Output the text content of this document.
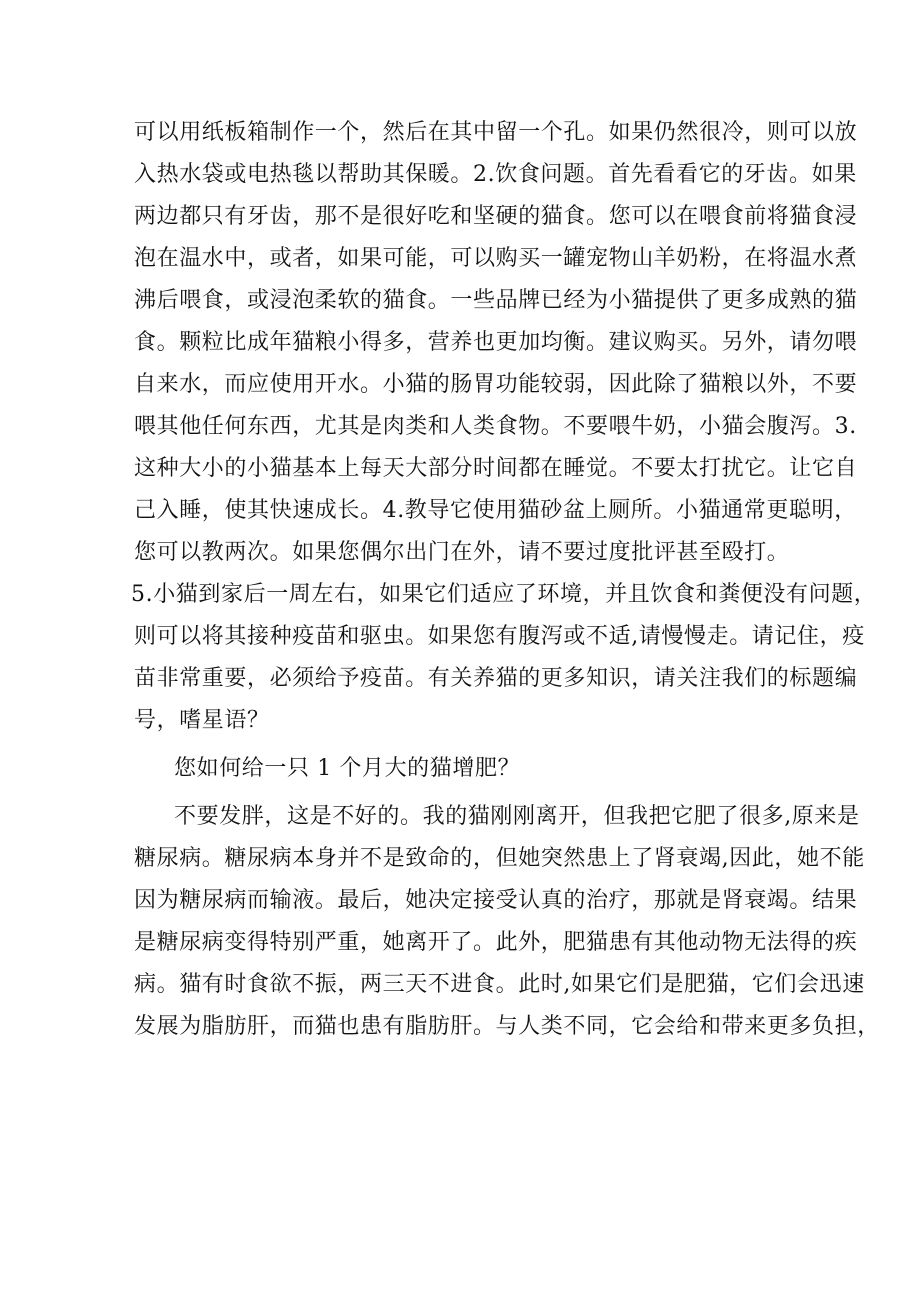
可以用纸板箱制作一个，然后在其中留一个孔。如果仍然很冷，则可以放
入热水袋或电热毯以帮助其保暖。2.饮食问题。首先看看它的牙齿。如果
两边都只有牙齿，那不是很好吃和坚硬的猫食。您可以在喂食前将猫食浸
泡在温水中，或者，如果可能，可以购买一罐宠物山羊奶粉，在将温水煮
沸后喂食，或浸泡柔软的猫食。一些品牌已经为小猫提供了更多成熟的猫
食。颗粒比成年猫粮小得多，营养也更加均衡。建议购买。另外，请勿喂
自来水，而应使用开水。小猫的肠胃功能较弱，因此除了猫粮以外，不要
喂其他任何东西，尤其是肉类和人类食物。不要喂牛奶，小猫会腹泻。3.
这种大小的小猫基本上每天大部分时间都在睡觉。不要太打扰它。让它自
己入睡，使其快速成长。4.教导它使用猫砂盆上厕所。小猫通常更聪明，
您可以教两次。如果您偶尔出门在外，请不要过度批评甚至殴打。
5.小猫到家后一周左右，如果它们适应了环境，并且饮食和粪便没有问题，
则可以将其接种疫苗和驱虫。如果您有腹泻或不适,请慢慢走。请记住，疫
苗非常重要，必须给予疫苗。有关养猫的更多知识，请关注我们的标题编
号，嗜星语？
您如何给一只 1 个月大的猫增肥？
不要发胖，这是不好的。我的猫刚刚离开，但我把它肥了很多,原来是
糖尿病。糖尿病本身并不是致命的，但她突然患上了肾衰竭,因此，她不能
因为糖尿病而输液。最后，她决定接受认真的治疗，那就是肾衰竭。结果
是糖尿病变得特别严重，她离开了。此外，肥猫患有其他动物无法得的疾
病。猫有时食欲不振，两三天不进食。此时,如果它们是肥猫，它们会迅速
发展为脂肪肝，而猫也患有脂肪肝。与人类不同，它会给和带来更多负担，
